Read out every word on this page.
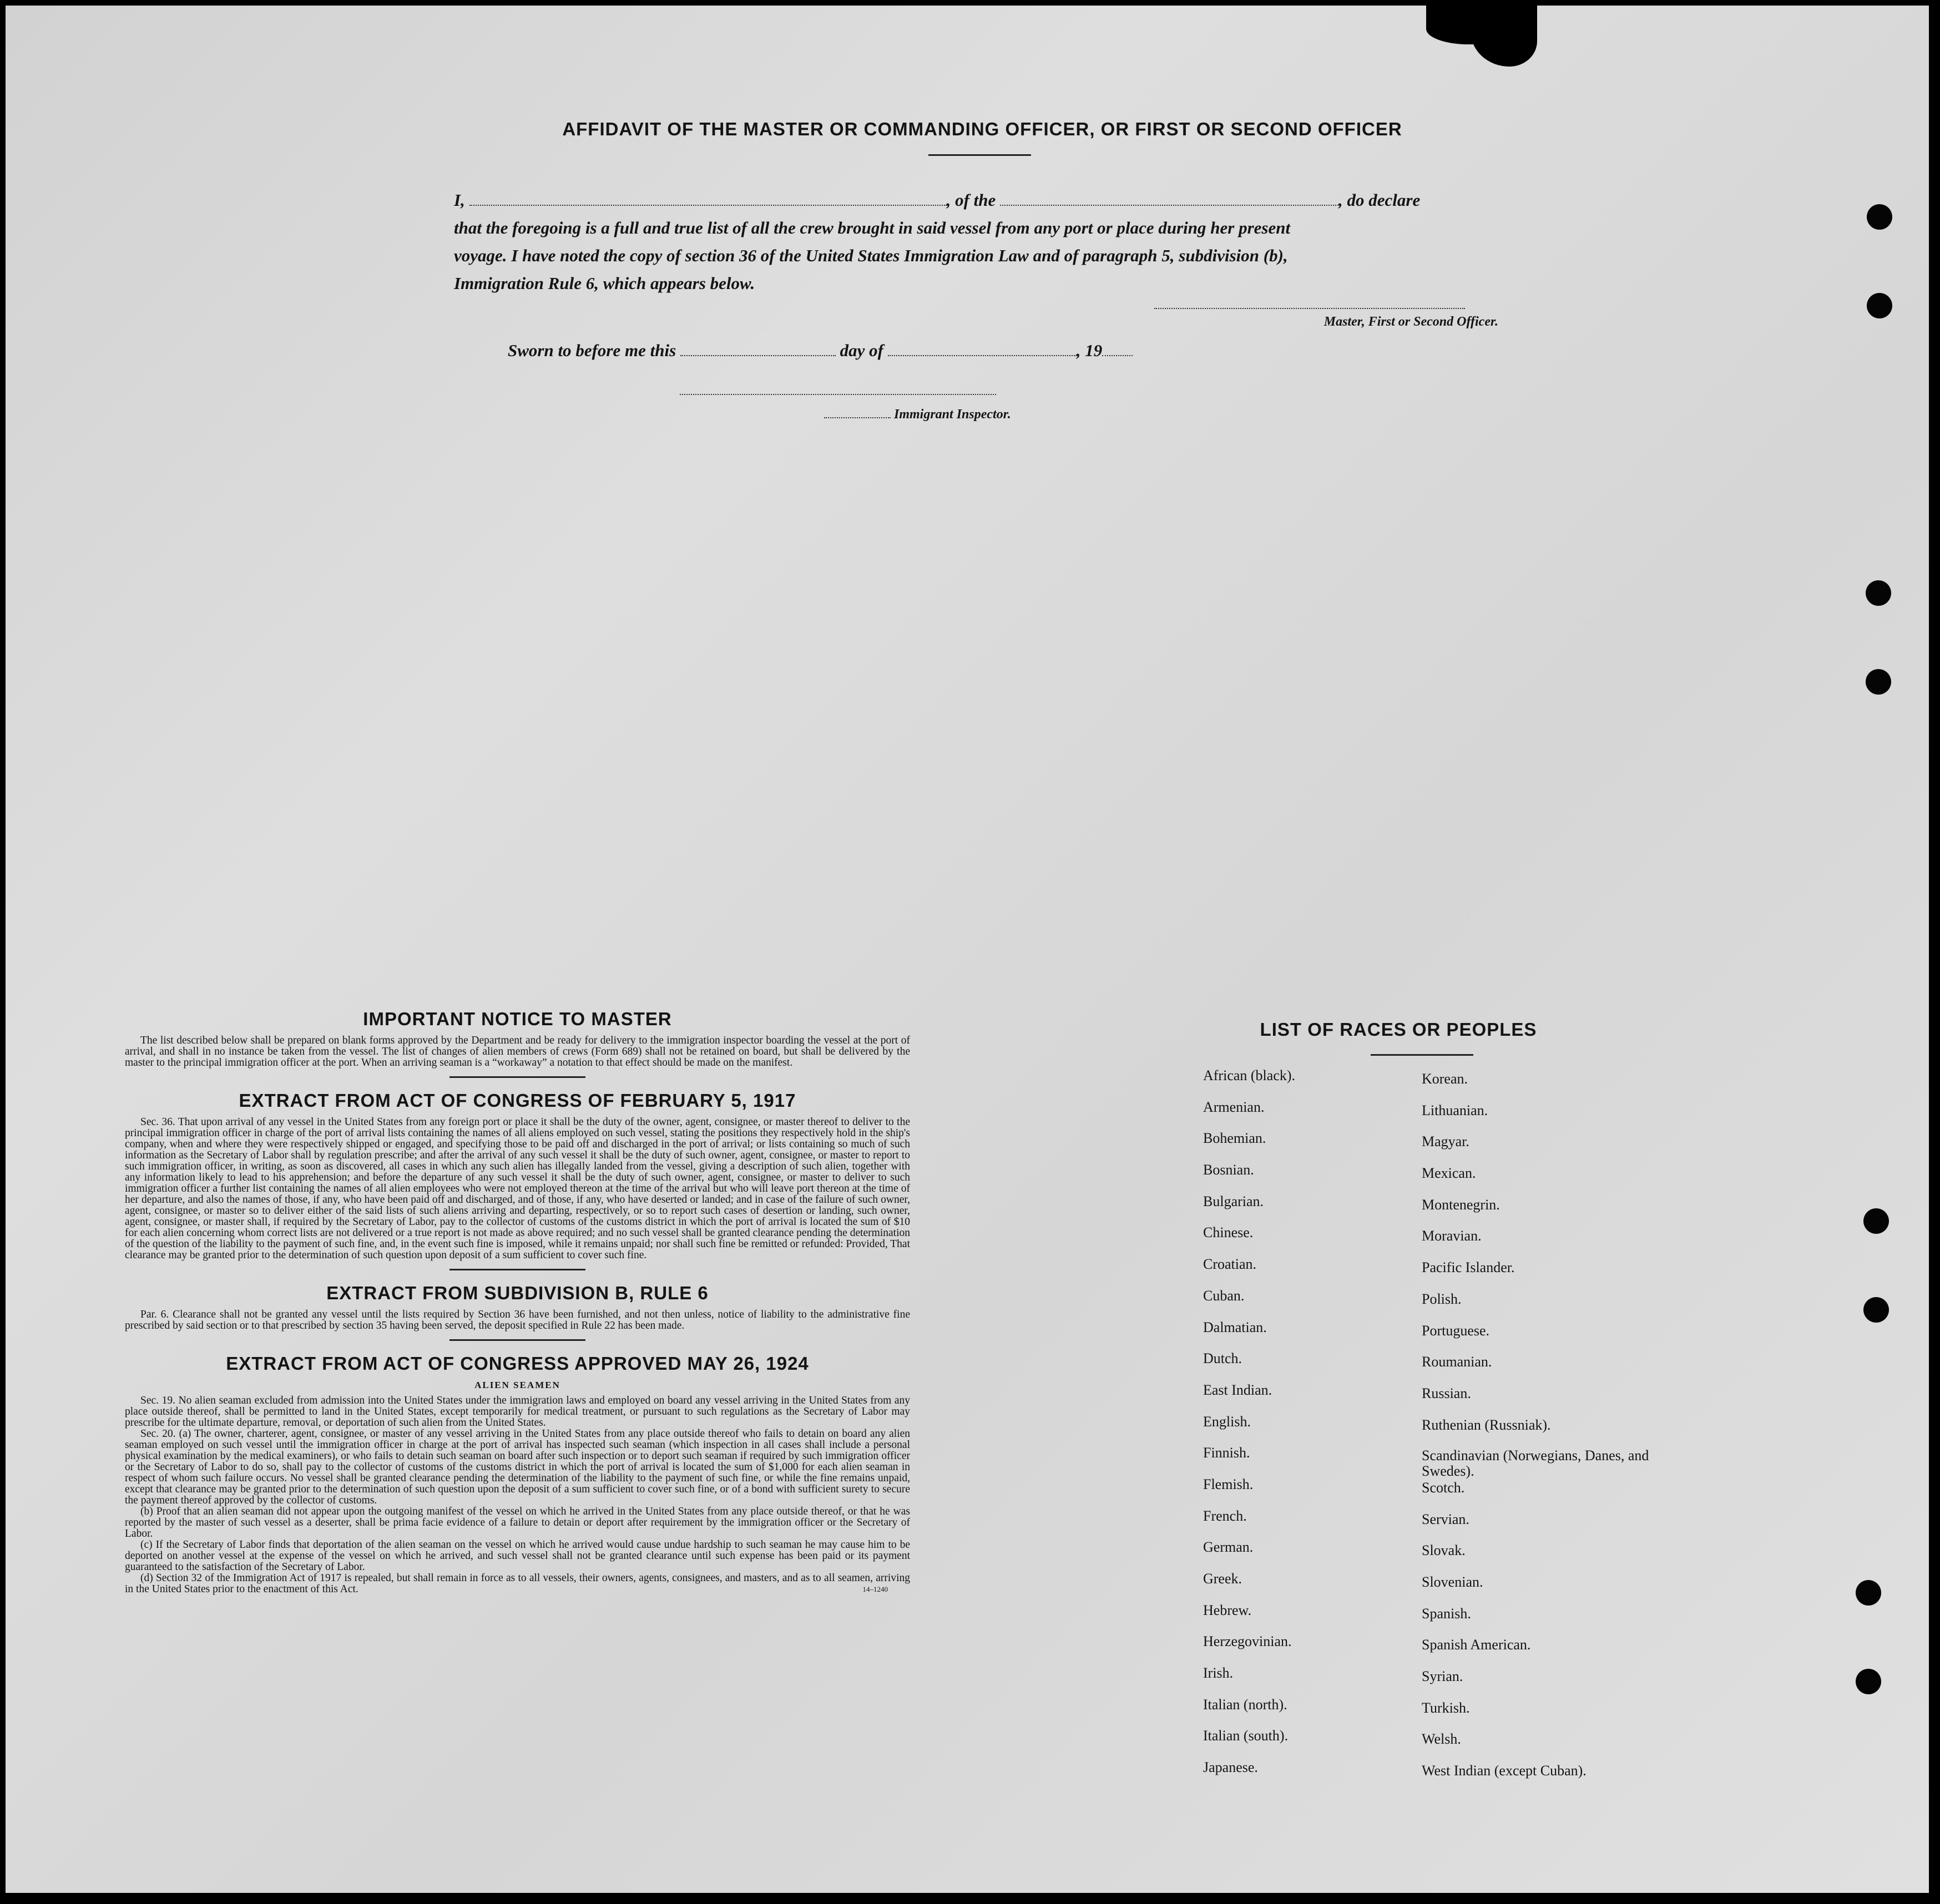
AFFIDAVIT OF THE MASTER OR COMMANDING OFFICER, OR FIRST OR SECOND OFFICER

I,	, of the	, do declare

that the foregoing is a full and true list of all the crew brought in said vessel from any port or place during her present

voyage. I have noted the copy of section 36 of the United States Immigration Law and of paragraph 5, subdivision (b),

Immigration Rule 6, which appears below.

Master, First or Second Officer.
Sworn to before me this	day of	, 19
Immigrant Inspector.
IMPORTANT NOTICE TO MASTER

The list described below shall be prepared on blank forms approved by the Department and be ready for delivery to the immigration inspector boarding the vessel at the port of arrival, and shall in no instance be taken from the vessel. The list of changes of alien members of crews (Form 689) shall not be retained on board, but shall be delivered by the master to the principal immigration officer at the port. When an arriving seaman is a “workaway” a notation to that effect should be made on the manifest.

EXTRACT FROM ACT OF CONGRESS OF FEBRUARY 5, 1917

Sec. 36. That upon arrival of any vessel in the United States from any foreign port or place it shall be the duty of the owner, agent, consignee, or master thereof to deliver to the principal immigration officer in charge of the port of arrival lists containing the names of all aliens employed on such vessel, stating the positions they respectively hold in the ship's company, when and where they were respectively shipped or engaged, and specifying those to be paid off and discharged in the port of arrival; or lists containing so much of such information as the Secretary of Labor shall by regulation prescribe; and after the arrival of any such vessel it shall be the duty of such owner, agent, consignee, or master to report to such immigration officer, in writing, as soon as discovered, all cases in which any such alien has illegally landed from the vessel, giving a description of such alien, together with any information likely to lead to his apprehension; and before the departure of any such vessel it shall be the duty of such owner, agent, consignee, or master to deliver to such immigration officer a further list containing the names of all alien employees who were not employed thereon at the time of the arrival but who will leave port thereon at the time of her departure, and also the names of those, if any, who have been paid off and discharged, and of those, if any, who have deserted or landed; and in case of the failure of such owner, agent, consignee, or master so to deliver either of the said lists of such aliens arriving and departing, respectively, or so to report such cases of desertion or landing, such owner, agent, consignee, or master shall, if required by the Secretary of Labor, pay to the collector of customs of the customs district in which the port of arrival is located the sum of $10 for each alien concerning whom correct lists are not delivered or a true report is not made as above required; and no such vessel shall be granted clearance pending the determination of the question of the liability to the payment of such fine, and, in the event such fine is imposed, while it remains unpaid; nor shall such fine be remitted or refunded: Provided, That clearance may be granted prior to the determination of such question upon deposit of a sum sufficient to cover such fine.

EXTRACT FROM SUBDIVISION B, RULE 6

Par. 6. Clearance shall not be granted any vessel until the lists required by Section 36 have been furnished, and not then unless, notice of liability to the administrative fine prescribed by said section or to that prescribed by section 35 having been served, the deposit specified in Rule 22 has been made.

EXTRACT FROM ACT OF CONGRESS APPROVED MAY 26, 1924
ALIEN SEAMEN

Sec. 19. No alien seaman excluded from admission into the United States under the immigration laws and employed on board any vessel arriving in the United States from any place outside thereof, shall be permitted to land in the United States, except temporarily for medical treatment, or pursuant to such regulations as the Secretary of Labor may prescribe for the ultimate departure, removal, or deportation of such alien from the United States.

Sec. 20. (a) The owner, charterer, agent, consignee, or master of any vessel arriving in the United States from any place outside thereof who fails to detain on board any alien seaman employed on such vessel until the immigration officer in charge at the port of arrival has inspected such seaman (which inspection in all cases shall include a personal physical examination by the medical examiners), or who fails to detain such seaman on board after such inspection or to deport such seaman if required by such immigration officer or the Secretary of Labor to do so, shall pay to the collector of customs of the customs district in which the port of arrival is located the sum of $1,000 for each alien seaman in respect of whom such failure occurs. No vessel shall be granted clearance pending the determination of the liability to the payment of such fine, or while the fine remains unpaid, except that clearance may be granted prior to the determination of such question upon the deposit of a sum sufficient to cover such fine, or of a bond with sufficient surety to secure the payment thereof approved by the collector of customs.

(b) Proof that an alien seaman did not appear upon the outgoing manifest of the vessel on which he arrived in the United States from any place outside thereof, or that he was reported by the master of such vessel as a deserter, shall be prima facie evidence of a failure to detain or deport after requirement by the immigration officer or the Secretary of Labor.

(c) If the Secretary of Labor finds that deportation of the alien seaman on the vessel on which he arrived would cause undue hardship to such seaman he may cause him to be deported on another vessel at the expense of the vessel on which he arrived, and such vessel shall not be granted clearance until such expense has been paid or its payment guaranteed to the satisfaction of the Secretary of Labor.

(d) Section 32 of the Immigration Act of 1917 is repealed, but shall remain in force as to all vessels, their owners, agents, consignees, and masters, and as to all seamen, arriving in the United States prior to the enactment of this Act.	14–1240

LIST OF RACES OR PEOPLES
African (black).
Armenian.
Bohemian.
Bosnian.
Bulgarian.
Chinese.
Croatian.
Cuban.
Dalmatian.
Dutch.
East Indian.
English.
Finnish.
Flemish.
French.
German.
Greek.
Hebrew.
Herzegovinian.
Irish.
Italian (north).
Italian (south).
Japanese.
Korean.
Lithuanian.
Magyar.
Mexican.
Montenegrin.
Moravian.
Pacific Islander.
Polish.
Portuguese.
Roumanian.
Russian.
Ruthenian (Russniak).
Scandinavian (Norwegians, Danes, and Swedes).
Scotch.
Servian.
Slovak.
Slovenian.
Spanish.
Spanish American.
Syrian.
Turkish.
Welsh.
West Indian (except Cuban).
